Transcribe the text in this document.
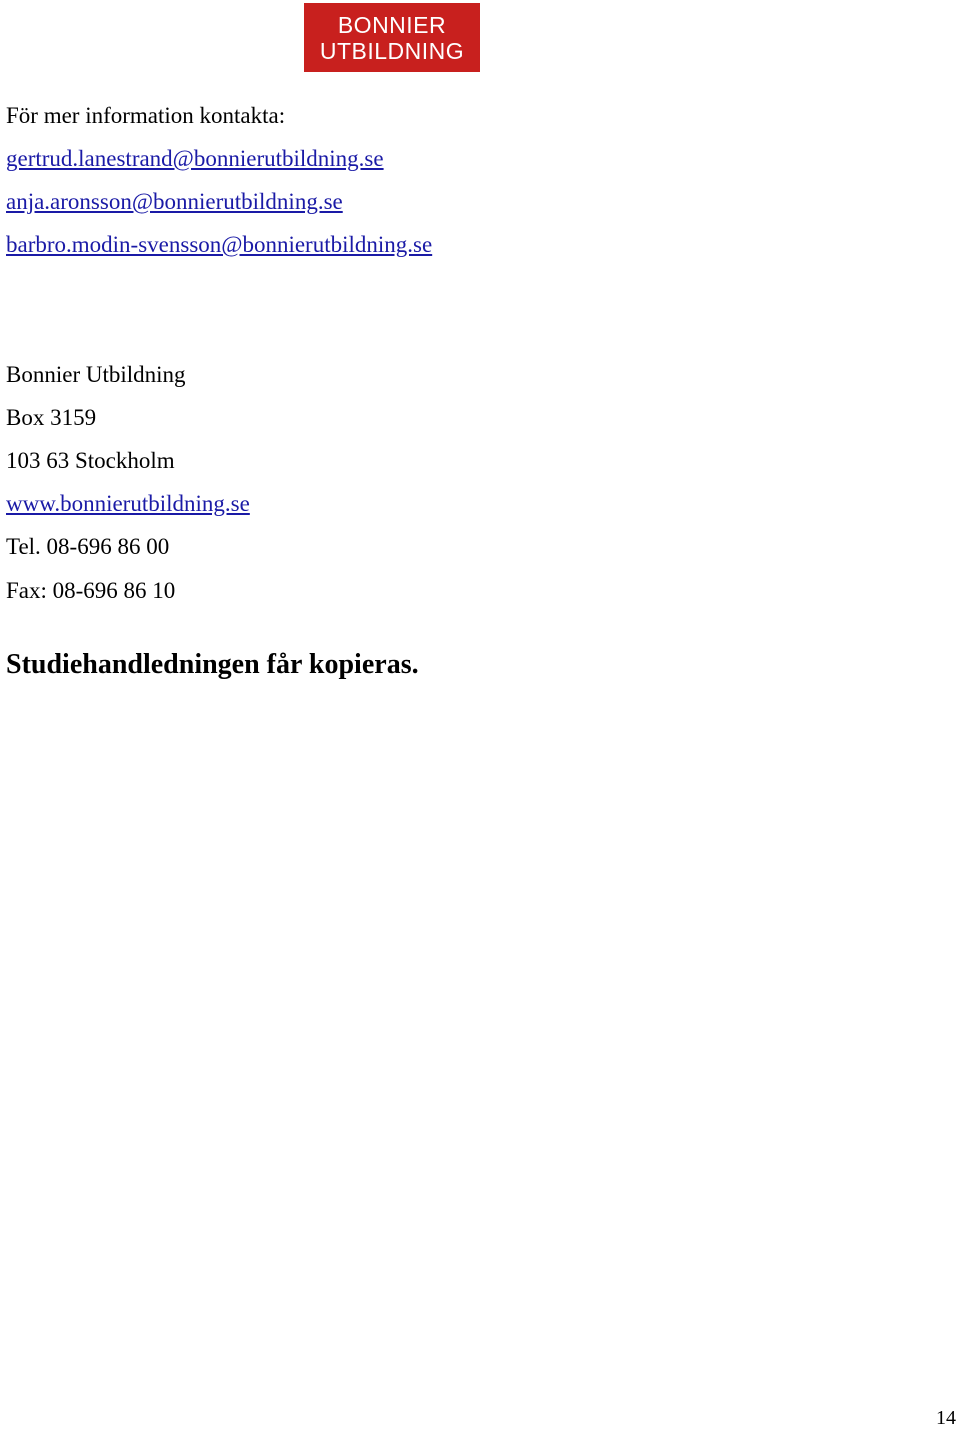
BONNIER
UTBILDNING
För mer information kontakta:
gertrud.lanestrand@bonnierutbildning.se
anja.aronsson@bonnierutbildning.se
barbro.modin-svensson@bonnierutbildning.se
Bonnier Utbildning
Box 3159
103 63 Stockholm
www.bonnierutbildning.se
Tel. 08-696 86 00
Fax: 08-696 86 10
Studiehandledningen får kopieras.
14
